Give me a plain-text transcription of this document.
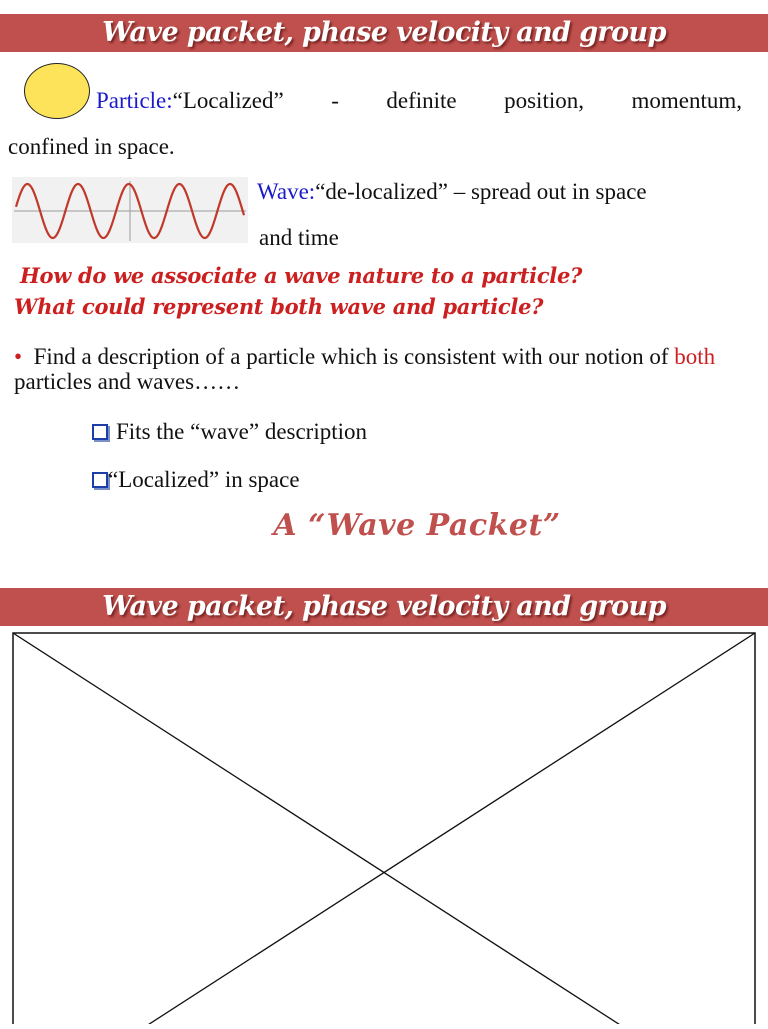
Wave packet, phase velocity and group
Particle:“Localized” - definite position, momentum,
confined in space.
Wave:“de-localized” – spread out in space
and time
How do we associate a wave nature to a particle?
What could represent both wave and particle?
• Find a description of a particle which is consistent with our notion of both particles and waves……
Fits the “wave” description
“Localized” in space
A “Wave Packet”
Wave packet, phase velocity and group
